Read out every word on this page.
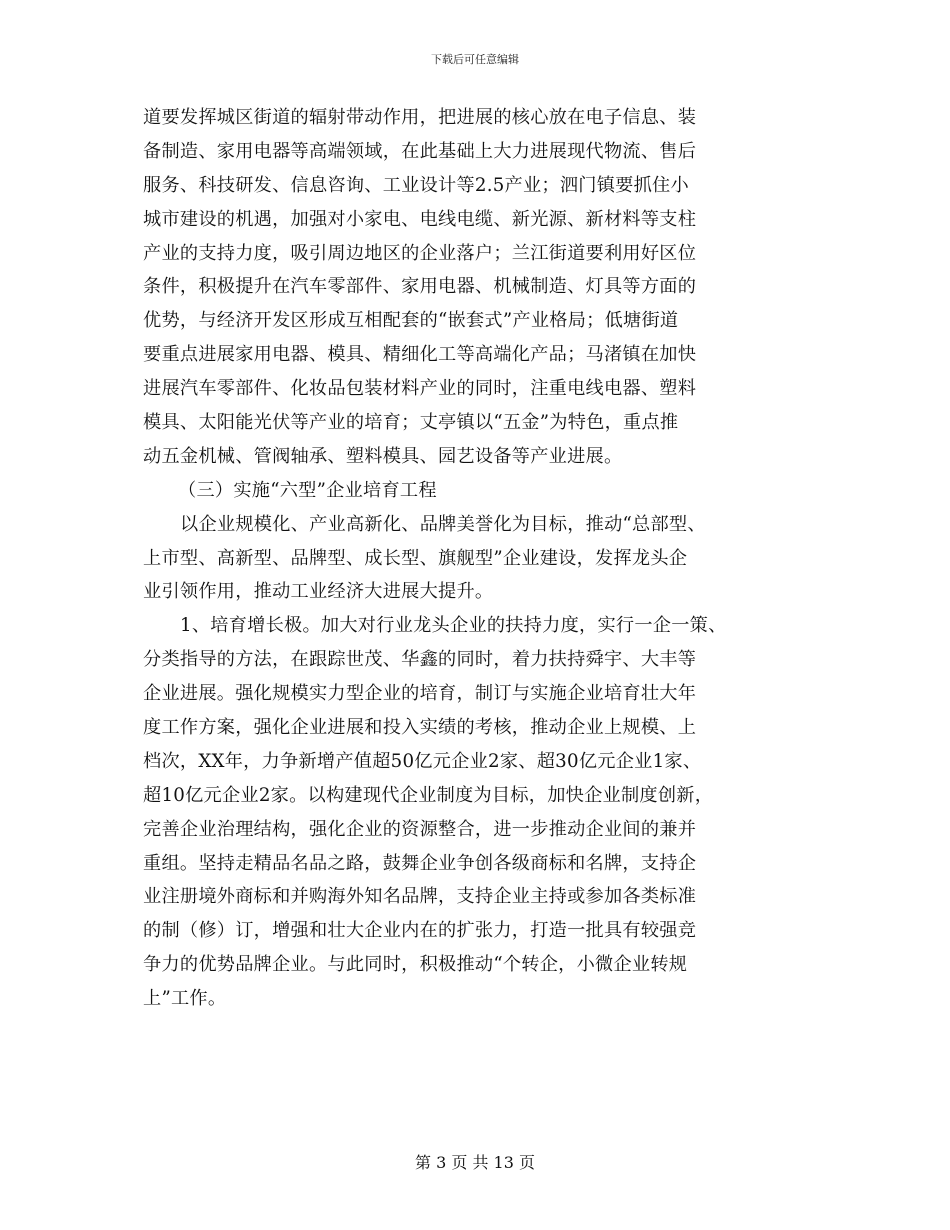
下载后可任意编辑
道要发挥城区街道的辐射带动作用，把进展的核心放在电子信息、装
备制造、家用电器等高端领域，在此基础上大力进展现代物流、售后
服务、科技研发、信息咨询、工业设计等2.5产业；泗门镇要抓住小
城市建设的机遇，加强对小家电、电线电缆、新光源、新材料等支柱
产业的支持力度，吸引周边地区的企业落户；兰江街道要利用好区位
条件，积极提升在汽车零部件、家用电器、机械制造、灯具等方面的
优势，与经济开发区形成互相配套的“嵌套式”产业格局；低塘街道
要重点进展家用电器、模具、精细化工等高端化产品；马渚镇在加快
进展汽车零部件、化妆品包装材料产业的同时，注重电线电器、塑料
模具、太阳能光伏等产业的培育；丈亭镇以“五金”为特色，重点推
动五金机械、管阀轴承、塑料模具、园艺设备等产业进展。
（三）实施“六型”企业培育工程
以企业规模化、产业高新化、品牌美誉化为目标，推动“总部型、
上市型、高新型、品牌型、成长型、旗舰型”企业建设，发挥龙头企
业引领作用，推动工业经济大进展大提升。
1、培育增长极。加大对行业龙头企业的扶持力度，实行一企一策、
分类指导的方法，在跟踪世茂、华鑫的同时，着力扶持舜宇、大丰等
企业进展。强化规模实力型企业的培育，制订与实施企业培育壮大年
度工作方案，强化企业进展和投入实绩的考核，推动企业上规模、上
档次，XX年，力争新增产值超50亿元企业2家、超30亿元企业1家、
超10亿元企业2家。以构建现代企业制度为目标，加快企业制度创新，
完善企业治理结构，强化企业的资源整合，进一步推动企业间的兼并
重组。坚持走精品名品之路，鼓舞企业争创各级商标和名牌，支持企
业注册境外商标和并购海外知名品牌，支持企业主持或参加各类标准
的制（修）订，增强和壮大企业内在的扩张力，打造一批具有较强竞
争力的优势品牌企业。与此同时，积极推动“个转企，小微企业转规
上”工作。
第 3 页 共 13 页
